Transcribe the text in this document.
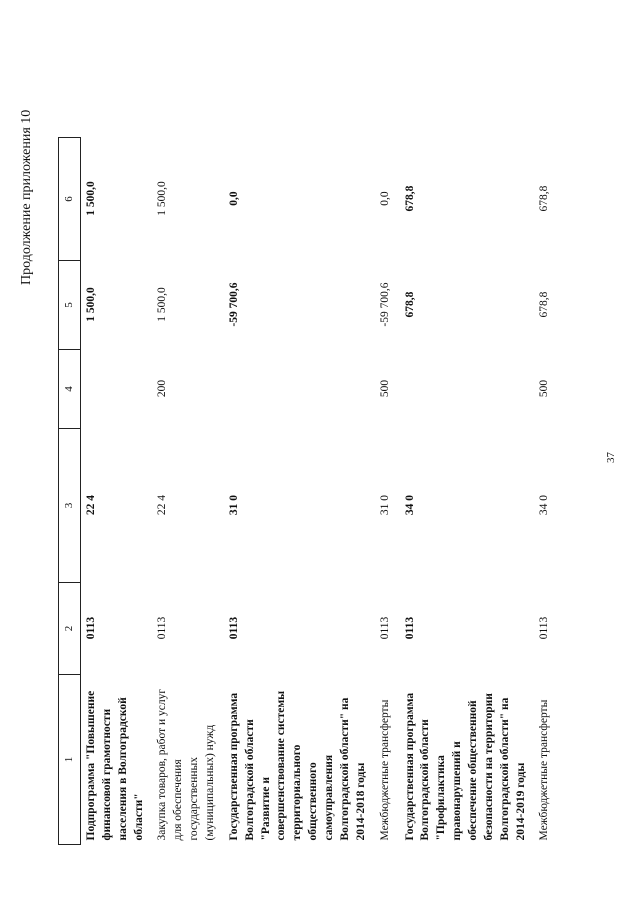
37
Продолжение приложения 10
1	2	3	4	5	6
Подпрограмма "Повышение финансовой грамотности населения в Волгоградской области"	0113	22 4		1 500,0	1 500,0
Закупка товаров, работ и услуг для обеспечения государственных (муниципальных) нужд	0113	22 4	200	1 500,0	1 500,0
Государственная программа Волгоградской области "Развитие и совершенствование системы территориального общественного самоуправления Волгоградской области" на 2014-2018 годы	0113	31 0		-59 700,6	0,0
Межбюджетные трансферты	0113	31 0	500	-59 700,6	0,0
Государственная программа Волгоградской области "Профилактика правонарушений и обеспечение общественной безопасности на территории Волгоградской области" на 2014-2019 годы	0113	34 0		678,8	678,8
Межбюджетные трансферты	0113	34 0	500	678,8	678,8
